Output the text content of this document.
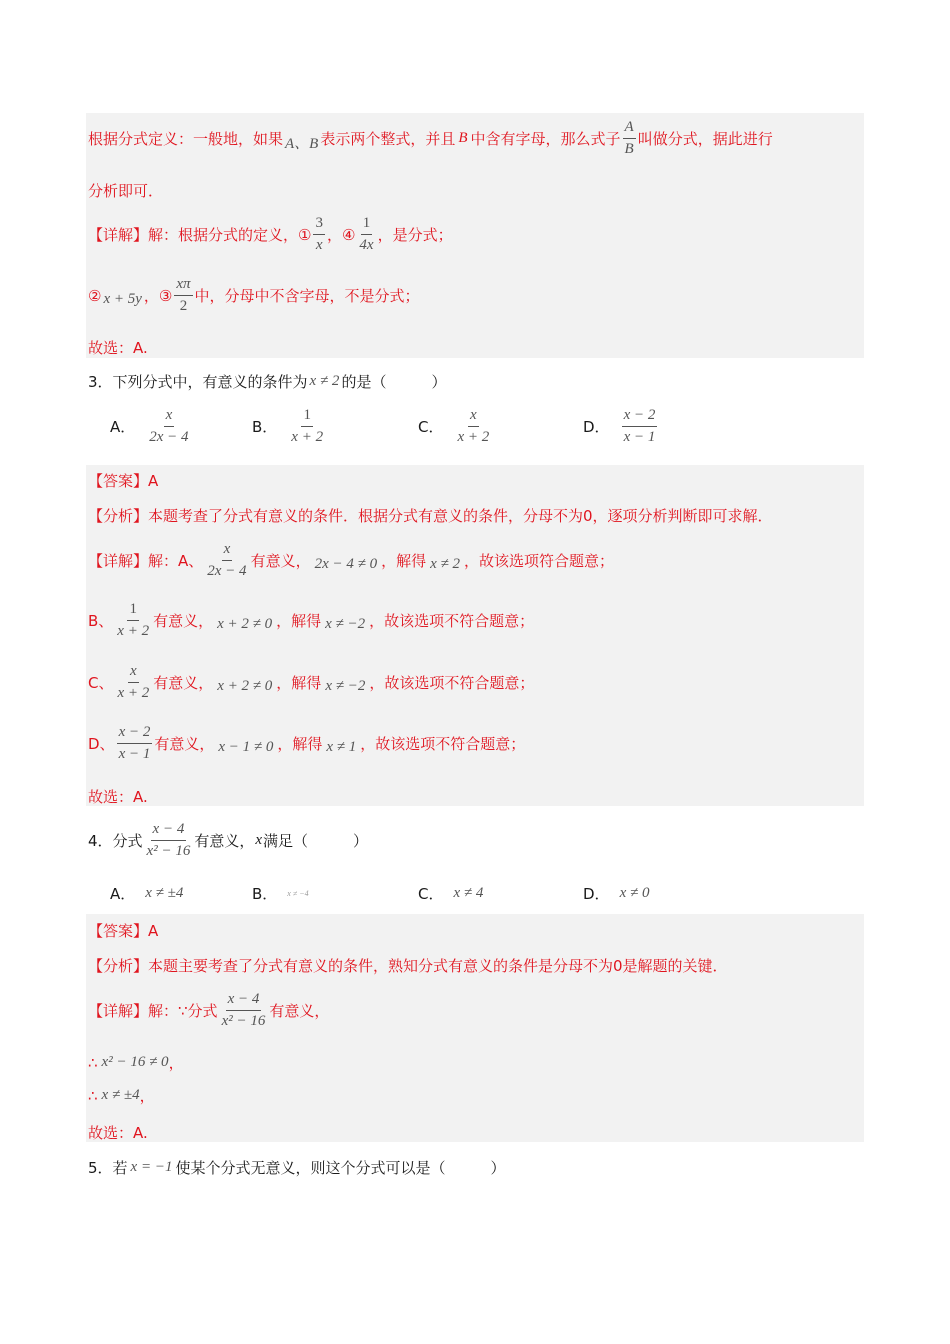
根据分式定义：一般地，如果 A、B 表示两个整式，并且 B 中含有字母，那么式子 $\frac{A}{B}$ 叫做分式，据此进行
分析即可．
【详解】 解：根据分式的定义，① $\frac{3}{x}$ ，④ $\frac{1}{4x}$ ，是分式；
② x + 5y ，③ $\frac{x\pi}{2}$ 中，分母中不含字母，不是分式；
故选：A.
3．下列分式中，有意义的条件为 x ≠ 2 的是（　　　）
A． $\frac{x}{2x - 4}$	B． $\frac{1}{x + 2}$	C． $\frac{x}{x + 2}$	D． $\frac{x - 2}{x - 1}$
【答案】A
【分析】本题考查了分式有意义的条件．根据分式有意义的条件，分母不为0，逐项分析判断即可求解．
【详解】 解：A、 $\frac{x}{2x - 4}$ 有意义， 2x − 4 ≠ 0 ，解得 x ≠ 2 ，故该选项符合题意；
B、 $\frac{1}{x + 2}$ 有意义， x + 2 ≠ 0 ，解得 x ≠ −2 ，故该选项不符合题意；
C、 $\frac{x}{x + 2}$ 有意义， x + 2 ≠ 0 ，解得 x ≠ −2 ，故该选项不符合题意；
D、 $\frac{x - 2}{x - 1}$ 有意义， x − 1 ≠ 0 ，解得 x ≠ 1 ，故该选项不符合题意；
故选：A.
4．分式 $\frac{x - 4}{\text{x² − 16}}$ 有意义， x 满足（　　　）
A． x ≠ ±4	B． x ≠ −4	C． x ≠ 4	D． x ≠ 0
【答案】A
【分析】本题主要考查了分式有意义的条件，熟知分式有意义的条件是分母不为0是解题的关键．
【详解】 解：∵分式 $\frac{x - 4}{\text{x² − 16}}$ 有意义，
∴ x² − 16 ≠ 0 ，
∴ x ≠ ±4 ，
故选：A.
5．若 x = −1 使某个分式无意义，则这个分式可以是（　　　）
